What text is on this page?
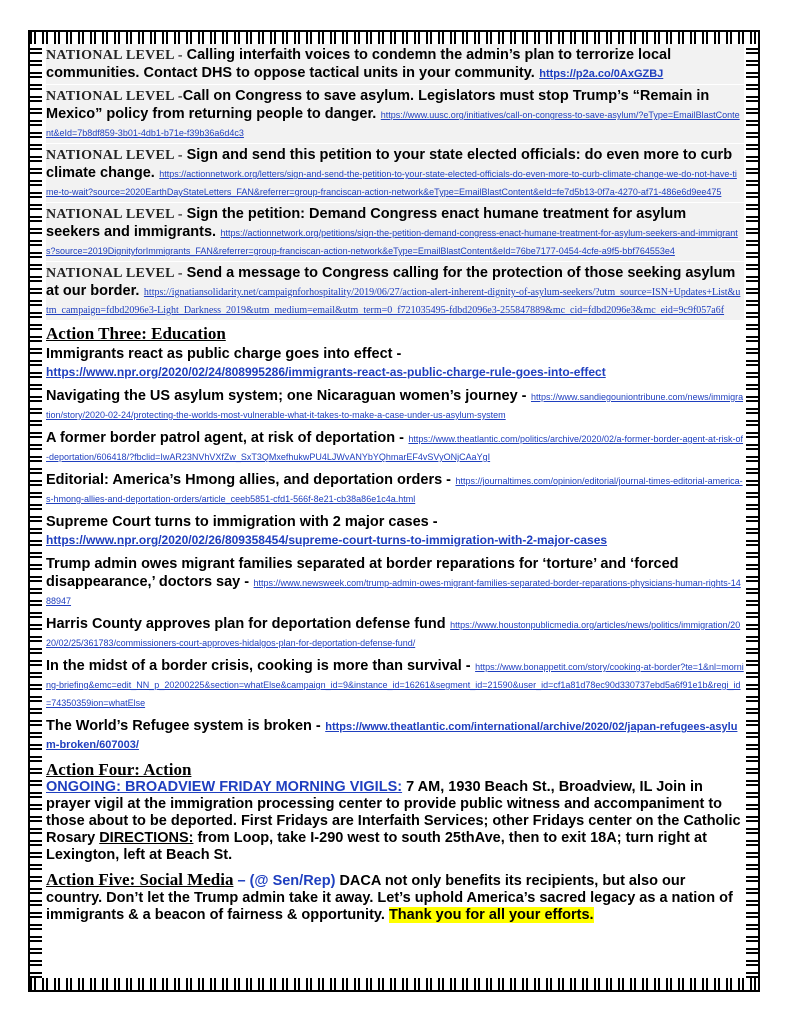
NATIONAL LEVEL - Calling interfaith voices to condemn the admin’s plan to terrorize local communities. Contact DHS to oppose tactical units in your community. https://p2a.co/0AxGZBJ
NATIONAL LEVEL -Call on Congress to save asylum. Legislators must stop Trump’s “Remain in Mexico” policy from returning people to danger. https://www.uusc.org/initiatives/call-on-congress-to-save-asylum/?eType=EmailBlastContent&eId=7b8df859-3b01-4db1-b71e-f39b36a6d4c3
NATIONAL LEVEL - Sign and send this petition to your state elected officials: do even more to curb climate change. https://actionnetwork.org/letters/sign-and-send-the-petition-to-your-state-elected-officials-do-even-more-to-curb-climate-change-we-do-not-have-time-to-wait?source=2020EarthDayStateLetters_FAN&referrer=group-franciscan-action-network&eType=EmailBlastContent&eId=fe7d5b13-0f7a-4270-af71-486e6d9ee475
NATIONAL LEVEL - Sign the petition: Demand Congress enact humane treatment for asylum seekers and immigrants. https://actionnetwork.org/petitions/sign-the-petition-demand-congress-enact-humane-treatment-for-asylum-seekers-and-immigrants?source=2019DignityforImmigrants_FAN&referrer=group-franciscan-action-network&eType=EmailBlastContent&eId=76be7177-0454-4cfe-a9f5-bbf764553e4
NATIONAL LEVEL - Send a message to Congress calling for the protection of those seeking asylum at our border. https://ignatiansolidarity.net/campaignforhospitality/2019/06/27/action-alert-inherent-dignity-of-asylum-seekers/?utm_source=ISN+Updates+List&utm_campaign=fdbd2096e3-Light_Darkness_2019&utm_medium=email&utm_term=0_f721035495-fdbd2096e3-255847889&mc_cid=fdbd2096e3&mc_eid=9c9f057a6f
Action Three: Education
Immigrants react as public charge goes into effect -
https://www.npr.org/2020/02/24/808995286/immigrants-react-as-public-charge-rule-goes-into-effect
Navigating the US asylum system; one Nicaraguan women’s journey - https://www.sandiegouniontribune.com/news/immigration/story/2020-02-24/protecting-the-worlds-most-vulnerable-what-it-takes-to-make-a-case-under-us-asylum-system
A former border patrol agent, at risk of deportation - https://www.theatlantic.com/politics/archive/2020/02/a-former-border-agent-at-risk-of-deportation/606418/?fbclid=IwAR23NVhVXfZw_SxT3QMxefhukwPU4LJWvANYbYQhmarEF4vSVyONjCAaYgI
Editorial: America’s Hmong allies, and deportation orders - https://journaltimes.com/opinion/editorial/journal-times-editorial-america-s-hmong-allies-and-deportation-orders/article_ceeb5851-cfd1-566f-8e21-cb38a86e1c4a.html
Supreme Court turns to immigration with 2 major cases -
https://www.npr.org/2020/02/26/809358454/supreme-court-turns-to-immigration-with-2-major-cases
Trump admin owes migrant families separated at border reparations for ‘torture’ and ‘forced disappearance,’ doctors say - https://www.newsweek.com/trump-admin-owes-migrant-families-separated-border-reparations-physicians-human-rights-1488947
Harris County approves plan for deportation defense fund https://www.houstonpublicmedia.org/articles/news/politics/immigration/2020/02/25/361783/commissioners-court-approves-hidalgos-plan-for-deportation-defense-fund/
In the midst of a border crisis, cooking is more than survival - https://www.bonappetit.com/story/cooking-at-border?te=1&nl=morning-briefing&emc=edit_NN_p_20200225&section=whatElse&campaign_id=9&instance_id=16261&segment_id=21590&user_id=cf1a81d78ec90d330737ebd5a6f91e1b&regi_id=74350359ion=whatElse
The World’s Refugee system is broken - https://www.theatlantic.com/international/archive/2020/02/japan-refugees-asylum-broken/607003/
Action Four: Action
ONGOING: BROADVIEW FRIDAY MORNING VIGILS: 7 AM, 1930 Beach St., Broadview, IL Join in prayer vigil at the immigration processing center to provide public witness and accompaniment to those about to be deported. First Fridays are Interfaith Services; other Fridays center on the Catholic Rosary DIRECTIONS: from Loop, take I-290 west to south 25thAve, then to exit 18A; turn right at Lexington, left at Beach St.
Action Five: Social Media – (@ Sen/Rep) DACA not only benefits its recipients, but also our country. Don’t let the Trump admin take it away. Let’s uphold America’s sacred legacy as a nation of immigrants & a beacon of fairness & opportunity. Thank you for all your efforts.
